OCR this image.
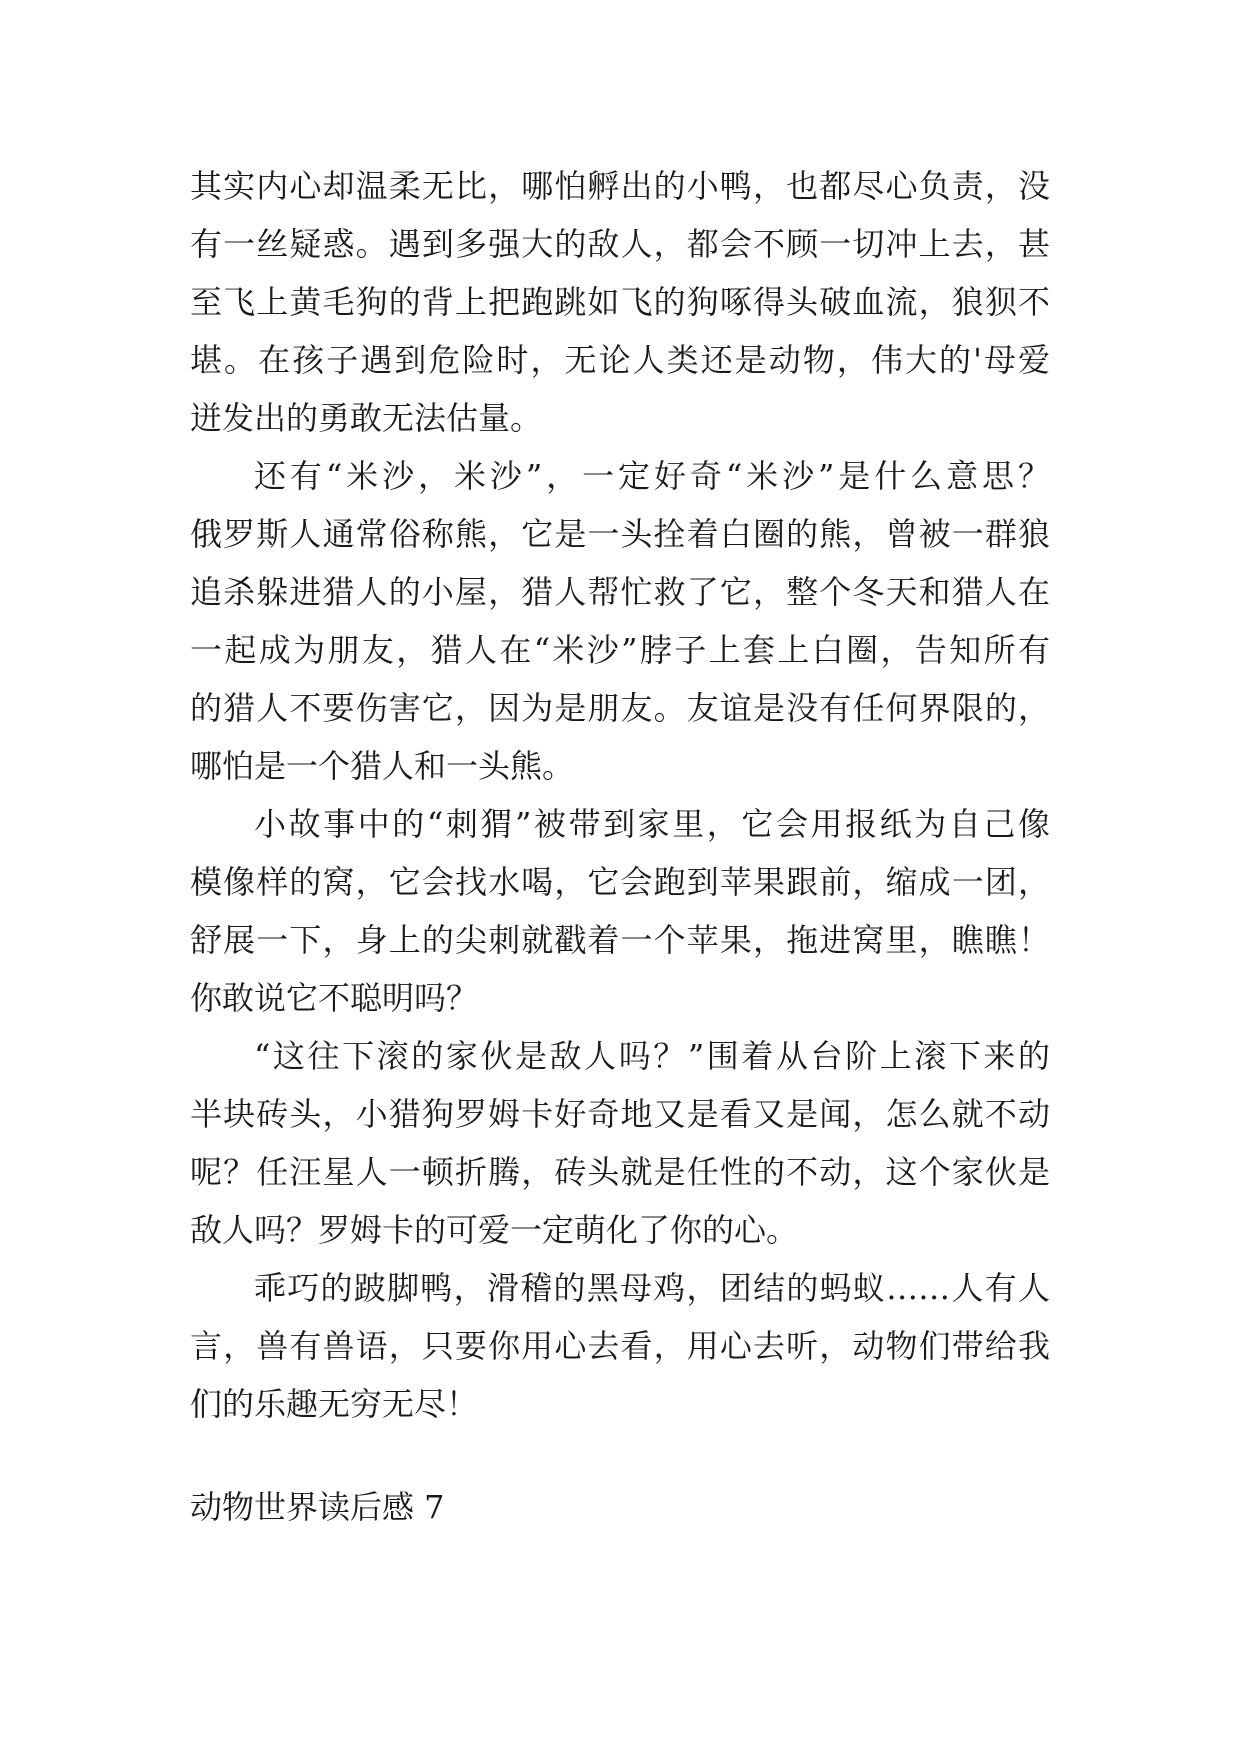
其实内心却温柔无比，哪怕孵出的小鸭，也都尽心负责，没
有一丝疑惑。遇到多强大的敌人，都会不顾一切冲上去，甚
至飞上黄毛狗的背上把跑跳如飞的狗啄得头破血流，狼狈不
堪。在孩子遇到危险时，无论人类还是动物，伟大的'母爱
迸发出的勇敢无法估量。
还有“米沙，米沙”，一定好奇“米沙”是什么意思？
俄罗斯人通常俗称熊，它是一头拴着白圈的熊，曾被一群狼
追杀躲进猎人的小屋，猎人帮忙救了它，整个冬天和猎人在
一起成为朋友，猎人在“米沙”脖子上套上白圈，告知所有
的猎人不要伤害它，因为是朋友。友谊是没有任何界限的，
哪怕是一个猎人和一头熊。
小故事中的“刺猬”被带到家里，它会用报纸为自己像
模像样的窝，它会找水喝，它会跑到苹果跟前，缩成一团，
舒展一下，身上的尖刺就戳着一个苹果，拖进窝里，瞧瞧！
你敢说它不聪明吗？
“这往下滚的家伙是敌人吗？”围着从台阶上滚下来的
半块砖头，小猎狗罗姆卡好奇地又是看又是闻，怎么就不动
呢？任汪星人一顿折腾，砖头就是任性的不动，这个家伙是
敌人吗？罗姆卡的可爱一定萌化了你的心。
乖巧的跛脚鸭，滑稽的黑母鸡，团结的蚂蚁……人有人
言，兽有兽语，只要你用心去看，用心去听，动物们带给我
们的乐趣无穷无尽！
动物世界读后感 7
